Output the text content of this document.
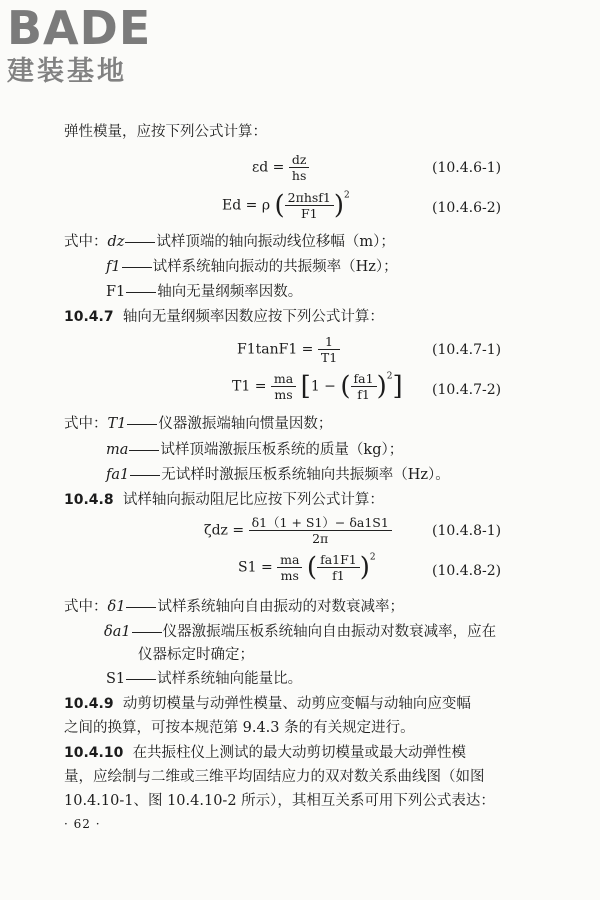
BADE
建装基地
弹性模量，应按下列公式计算：
$\varepsilon d = \frac{dz}{hs}$	(10.4.6-1)
Ed = ρ ( $\frac{\text{2πhsf1}}{F1} )^2$
(10.4.6-2)
式中：dz 试样顶端的轴向振动线位移幅（m）；
f1 试样系统轴向振动的共振频率（Hz）；
F1 轴向无量纲频率因数。
10.4.7 轴向无量纲频率因数应按下列公式计算：
$F1\tan F1 = \frac{1}{T1}$	(10.4.7-1)
$T1 = \frac{ma}{ms} [1$ − ( $\frac{fa1}{f1} )^2$] (10.4.7-2)
式中：T1 仪器激振端轴向惯量因数；
ma 试样顶端激振压板系统的质量（kg）；
fa1 无试样时激振压板系统轴向共振频率（Hz）。
10.4.8 试样轴向振动阻尼比应按下列公式计算：
$\zeta dz = \frac{\delta 1(1 + S1)- \delta a1S1}{2\pi}$	(10.4.8-1)
$S1 = \frac{ma}{ms}$ ( $\frac{fa1F1}{f1} )^2$
(10.4.8-2)
式中：δ1 试样系统轴向自由振动的对数衰减率；
δa1 仪器激振端压板系统轴向自由振动对数衰减率，应在
仪器标定时确定；
S1 试样系统轴向能量比。
10.4.9 动剪切模量与动弹性模量、动剪应变幅与动轴向应变幅
之间的换算，可按本规范第 9.4.3 条的有关规定进行。
10.4.10 在共振柱仪上测试的最大动剪切模量或最大动弹性模
量，应绘制与二维或三维平均固结应力的双对数关系曲线图（如图
10.4.10-1、图 10.4.10-2 所示），其相互关系可用下列公式表达：
· 62 ·
